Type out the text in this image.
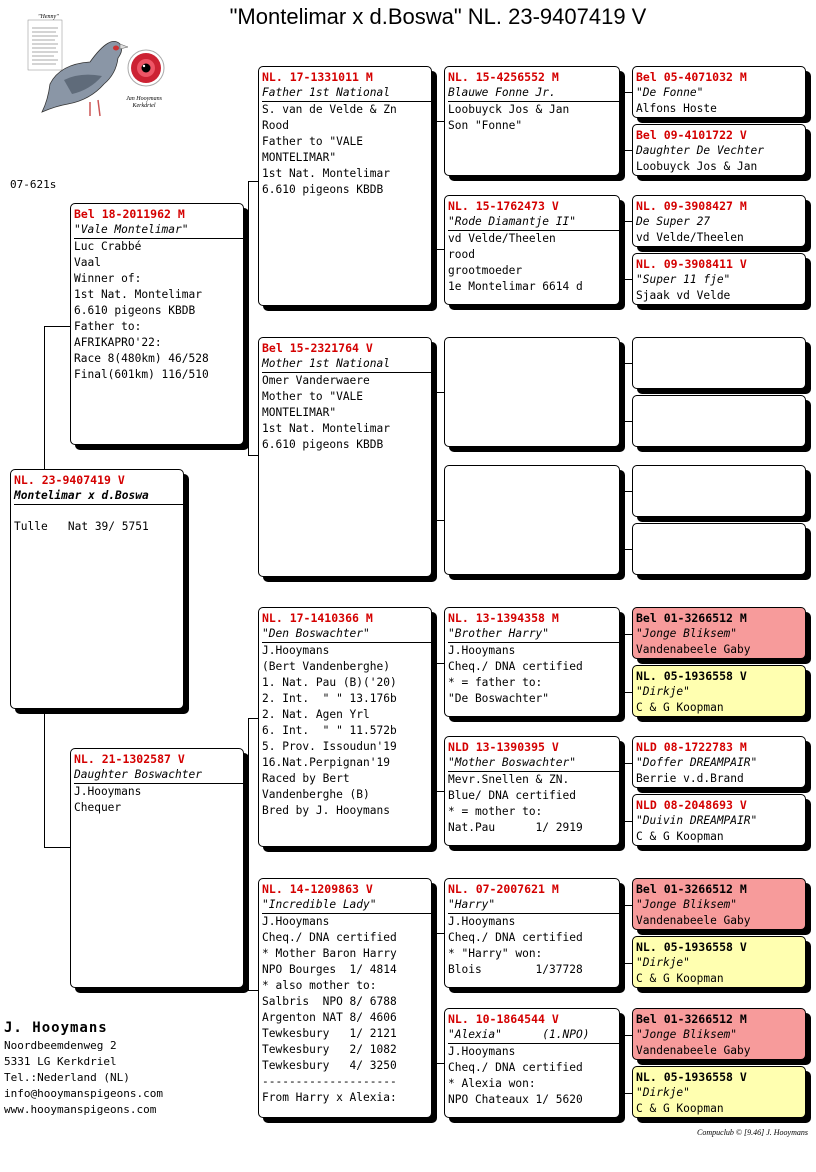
"Montelimar x d.Boswa" NL. 23-9407419 V
"Henny"
Jan Hooymans Kerkdriel
07-621s
NL. 23-9407419 V
Montelimar x d.Boswa
Tulle   Nat 39/ 5751
Bel 18-2011962 M
"Vale Montelimar"
Luc Crabbé
Vaal
Winner of:
1st Nat. Montelimar
6.610 pigeons KBDB
Father to:
AFRIKAPRO'22:
Race 8(480km) 46/528
Final(601km) 116/510
NL. 21-1302587 V
Daughter Boswachter
J.Hooymans
Chequer
NL. 17-1331011 M
Father 1st National
S. van de Velde & Zn
Rood
Father to "VALE
MONTELIMAR"
1st Nat. Montelimar
6.610 pigeons KBDB
Bel 15-2321764 V
Mother 1st National
Omer Vanderwaere
Mother to "VALE
MONTELIMAR"
1st Nat. Montelimar
6.610 pigeons KBDB
NL. 17-1410366 M
"Den Boswachter"
J.Hooymans
(Bert Vandenberghe)
1. Nat. Pau (B)('20)
2. Int.  " " 13.176b
2. Nat. Agen Yrl
6. Int.  " " 11.572b
5. Prov. Issoudun'19
16.Nat.Perpignan'19
Raced by Bert
Vandenberghe (B)
Bred by J. Hooymans
NL. 14-1209863 V
"Incredible Lady"
J.Hooymans
Cheq./ DNA certified
* Mother Baron Harry
NPO Bourges  1/ 4814
* also mother to:
Salbris  NPO 8/ 6788
Argenton NAT 8/ 4606
Tewkesbury   1/ 2121
Tewkesbury   2/ 1082
Tewkesbury   4/ 3250
--------------------
From Harry x Alexia:
NL. 15-4256552 M
Blauwe Fonne Jr.
Loobuyck Jos & Jan
Son "Fonne"
NL. 15-1762473 V
"Rode Diamantje II"
vd Velde/Theelen
rood
grootmoeder
1e Montelimar 6614 d
NL. 13-1394358 M
"Brother Harry"
J.Hooymans
Cheq./ DNA certified
* = father to:
"De Boswachter"
NLD 13-1390395 V
"Mother Boswachter"
Mevr.Snellen & ZN.
Blue/ DNA certified
* = mother to:
Nat.Pau      1/ 2919
NL. 07-2007621 M
"Harry"
J.Hooymans
Cheq./ DNA certified
* "Harry" won:
Blois        1/37728
NL. 10-1864544 V
"Alexia"      (1.NPO)
J.Hooymans
Cheq./ DNA certified
* Alexia won:
NPO Chateaux 1/ 5620
Bel 05-4071032 M
"De Fonne"
Alfons Hoste
Bel 09-4101722 V
Daughter De Vechter
Loobuyck Jos & Jan
NL. 09-3908427 M
De Super 27
vd Velde/Theelen
NL. 09-3908411 V
"Super 11 fje"
Sjaak vd Velde
Bel 01-3266512 M
"Jonge Bliksem"
Vandenabeele Gaby
NL. 05-1936558 V
"Dirkje"
C & G Koopman
NLD 08-1722783 M
"Doffer DREAMPAIR"
Berrie v.d.Brand
NLD 08-2048693 V
"Duivin DREAMPAIR"
C & G Koopman
Bel 01-3266512 M
"Jonge Bliksem"
Vandenabeele Gaby
NL. 05-1936558 V
"Dirkje"
C & G Koopman
Bel 01-3266512 M
"Jonge Bliksem"
Vandenabeele Gaby
NL. 05-1936558 V
"Dirkje"
C & G Koopman
J. Hooymans
Noordbeemdenweg 2
5331 LG Kerkdriel
Tel.:Nederland (NL)
info@hooymanspigeons.com
www.hooymanspigeons.com
Compuclub © [9.46] J. Hooymans
